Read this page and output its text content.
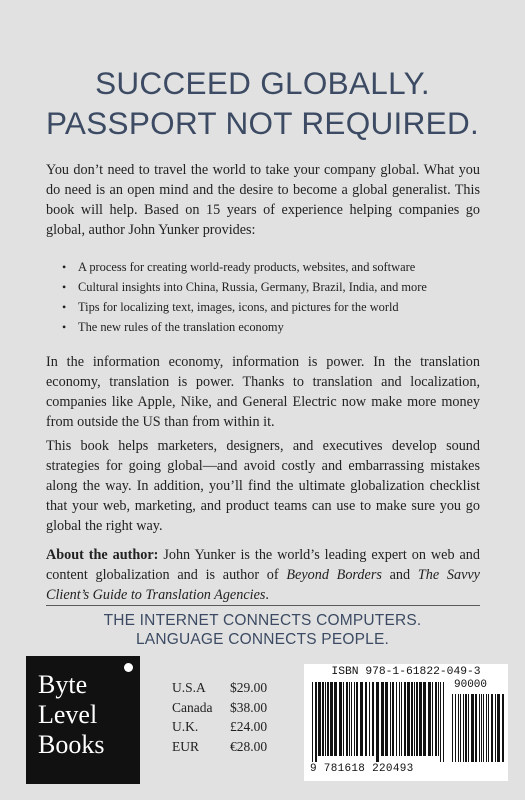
SUCCEED GLOBALLY.
PASSPORT NOT REQUIRED.

You don’t need to travel the world to take your company global. What you do need is an open mind and the desire to become a global generalist. This book will help. Based on 15 years of experience helping companies go global, author John Yunker provides:

• A process for creating world-ready products, websites, and software
• Cultural insights into China, Russia, Germany, Brazil, India, and more
• Tips for localizing text, images, icons, and pictures for the world
• The new rules of the translation economy

In the information economy, information is power. In the translation economy, translation is power. Thanks to translation and localization, companies like Apple, Nike, and General Electric now make more money from outside the US than from within it.

This book helps marketers, designers, and executives develop sound strategies for going global—and avoid costly and embarrassing mistakes along the way. In addition, you’ll find the ultimate globalization checklist that your web, marketing, and product teams can use to make sure you go global the right way.

About the author: John Yunker is the world’s leading expert on web and content globalization and is author of Beyond Borders and The Savvy Client’s Guide to Translation Agencies.

THE INTERNET CONNECTS COMPUTERS.
LANGUAGE CONNECTS PEOPLE.
Byte
Level
Books
U.S.A $29.00
Canada $38.00
U.K. £24.00
EUR €28.00
ISBN 978-1-61822-049-3
90000
9 781618 220493
